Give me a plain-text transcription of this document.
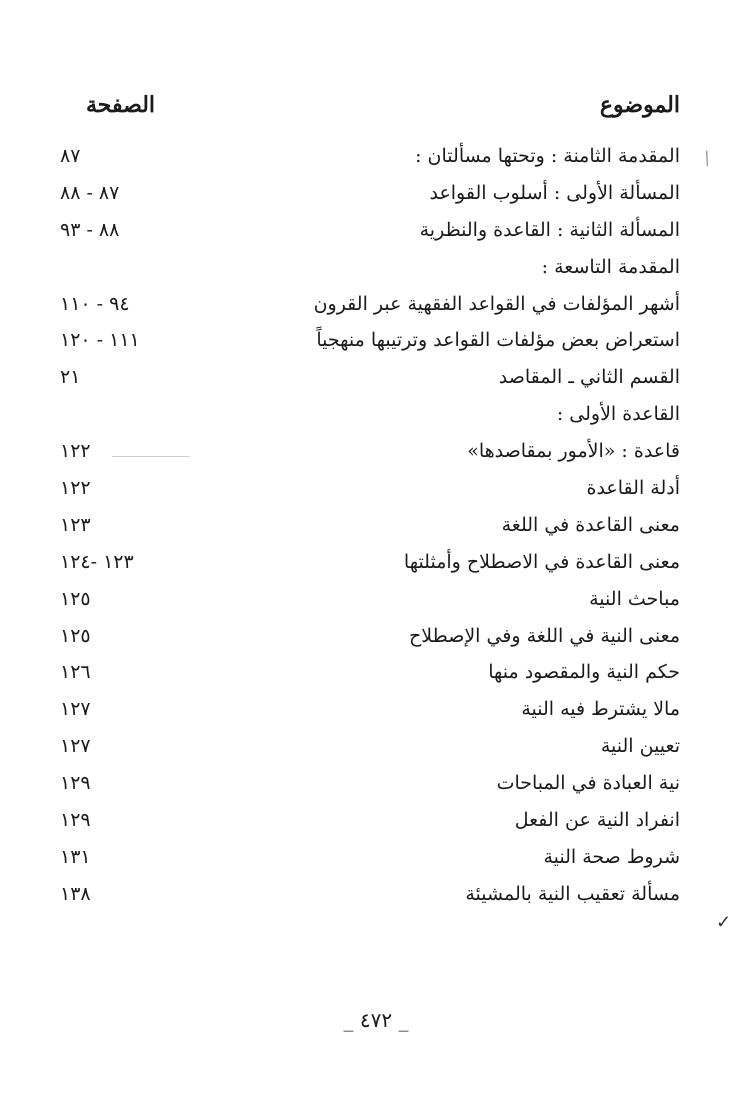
الموضوع
الصفحة
المقدمة الثامنة : وتحتها مسألتان :
٨٧
المسألة الأولى : أسلوب القواعد
٨٧ - ٨٨
المسألة الثانية : القاعدة والنظرية
٨٨ - ٩٣
المقدمة التاسعة :
أشهر المؤلفات في القواعد الفقهية عبر القرون
٩٤ - ١١٠
استعراض بعض مؤلفات القواعد وترتيبها منهجياً
١١١ - ١٢٠
القسم الثاني ـ المقاصد
٢١
القاعدة الأولى :
قاعدة : «الأمور بمقاصدها»
١٢٢
أدلة القاعدة
١٢٢
معنى القاعدة في اللغة
١٢٣
معنى القاعدة في الاصطلاح وأمثلتها
١٢٣ -١٢٤
مباحث النية
١٢٥
معنى النية في اللغة وفي الإصطلاح
١٢٥
حكم النية والمقصود منها
١٢٦
مالا يشترط فيه النية
١٢٧
تعيين النية
١٢٧
نية العبادة في المباحات
١٢٩
انفراد النية عن الفعل
١٢٩
شروط صحة النية
١٣١
مسألة تعقيب النية بالمشيئة
١٣٨
_ ٤٧٢ _
∕
✓
